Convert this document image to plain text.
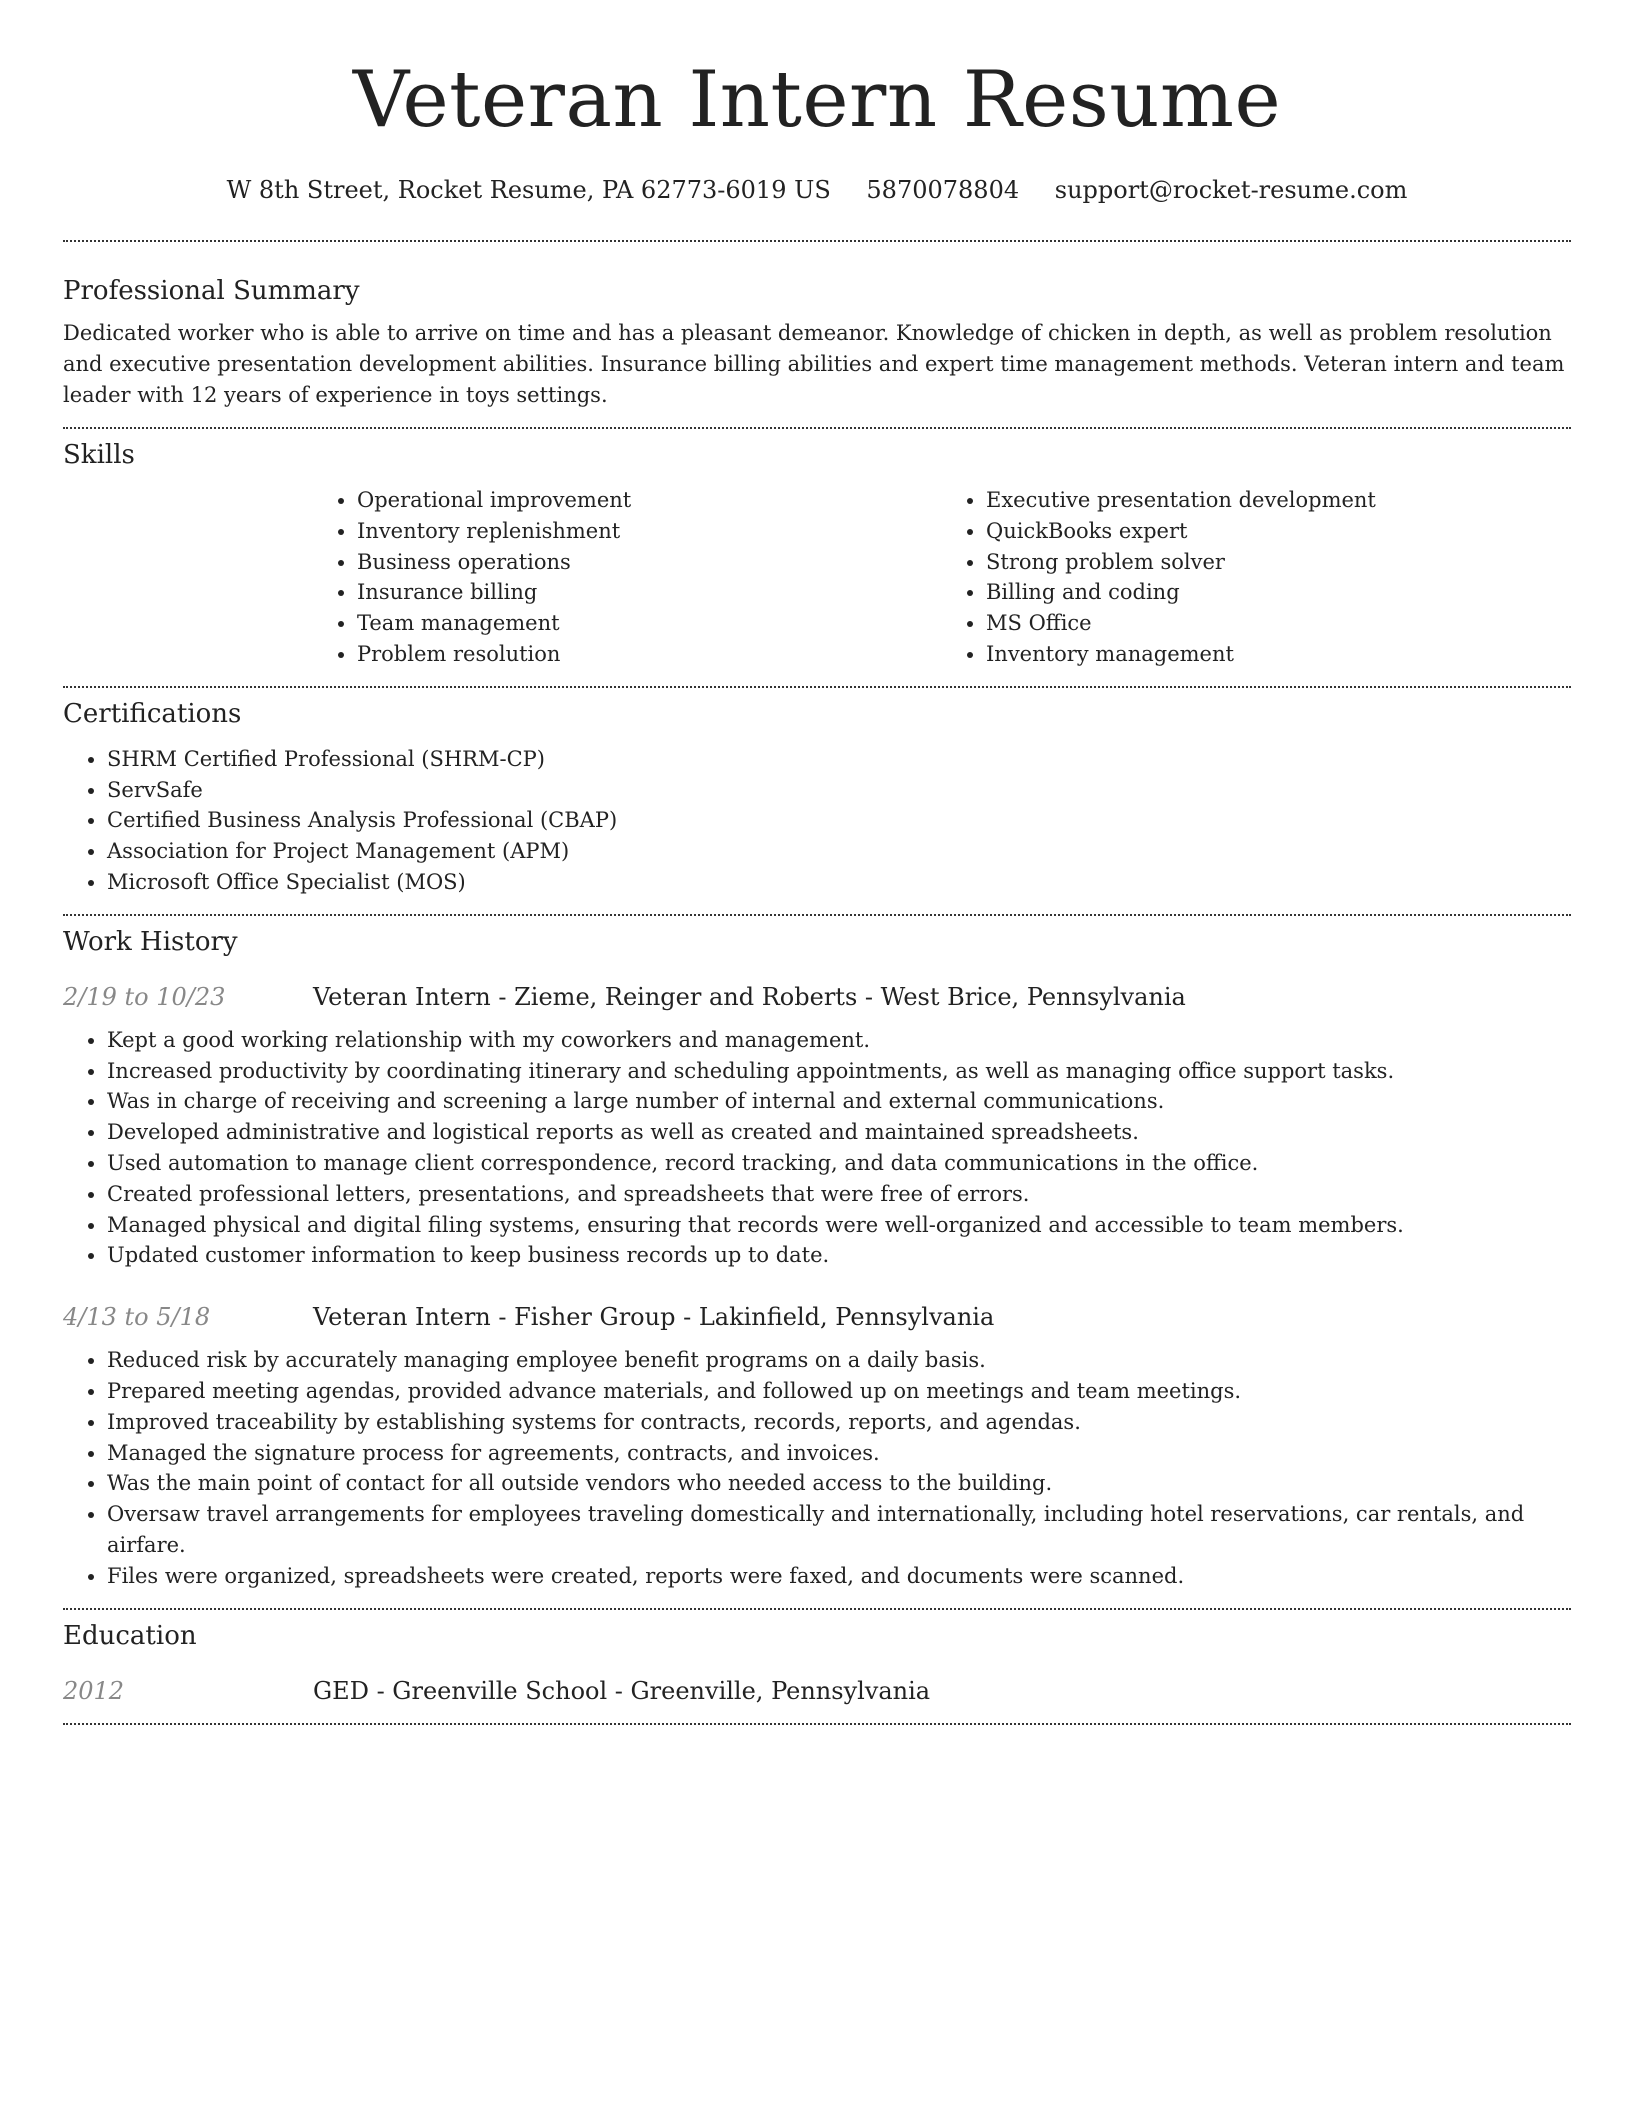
Veteran Intern Resume
W 8th Street, Rocket Resume, PA 62773-6019 US 5870078804 support@rocket-resume.com
Professional Summary

Dedicated worker who is able to arrive on time and has a pleasant demeanor. Knowledge of chicken in depth, as well as problem resolution and executive presentation development abilities. Insurance billing abilities and expert time management methods. Veteran intern and team leader with 12 years of experience in toys settings.

Skills
• Operational improvement
• Inventory replenishment
• Business operations
• Insurance billing
• Team management
• Problem resolution
• Executive presentation development
• QuickBooks expert
• Strong problem solver
• Billing and coding
• MS Office
• Inventory management
Certifications
• SHRM Certified Professional (SHRM-CP)
• ServSafe
• Certified Business Analysis Professional (CBAP)
• Association for Project Management (APM)
• Microsoft Office Specialist (MOS)
Work History
2/19 to 10/23	Veteran Intern - Zieme, Reinger and Roberts - West Brice, Pennsylvania
• Kept a good working relationship with my coworkers and management.
• Increased productivity by coordinating itinerary and scheduling appointments, as well as managing office support tasks.
• Was in charge of receiving and screening a large number of internal and external communications.
• Developed administrative and logistical reports as well as created and maintained spreadsheets.
• Used automation to manage client correspondence, record tracking, and data communications in the office.
• Created professional letters, presentations, and spreadsheets that were free of errors.
• Managed physical and digital filing systems, ensuring that records were well-organized and accessible to team members.
• Updated customer information to keep business records up to date.
4/13 to 5/18	Veteran Intern - Fisher Group - Lakinfield, Pennsylvania
• Reduced risk by accurately managing employee benefit programs on a daily basis.
• Prepared meeting agendas, provided advance materials, and followed up on meetings and team meetings.
• Improved traceability by establishing systems for contracts, records, reports, and agendas.
• Managed the signature process for agreements, contracts, and invoices.
• Was the main point of contact for all outside vendors who needed access to the building.
• Oversaw travel arrangements for employees traveling domestically and internationally, including hotel reservations, car rentals, and airfare.
• Files were organized, spreadsheets were created, reports were faxed, and documents were scanned.
Education
2012	GED - Greenville School - Greenville, Pennsylvania
